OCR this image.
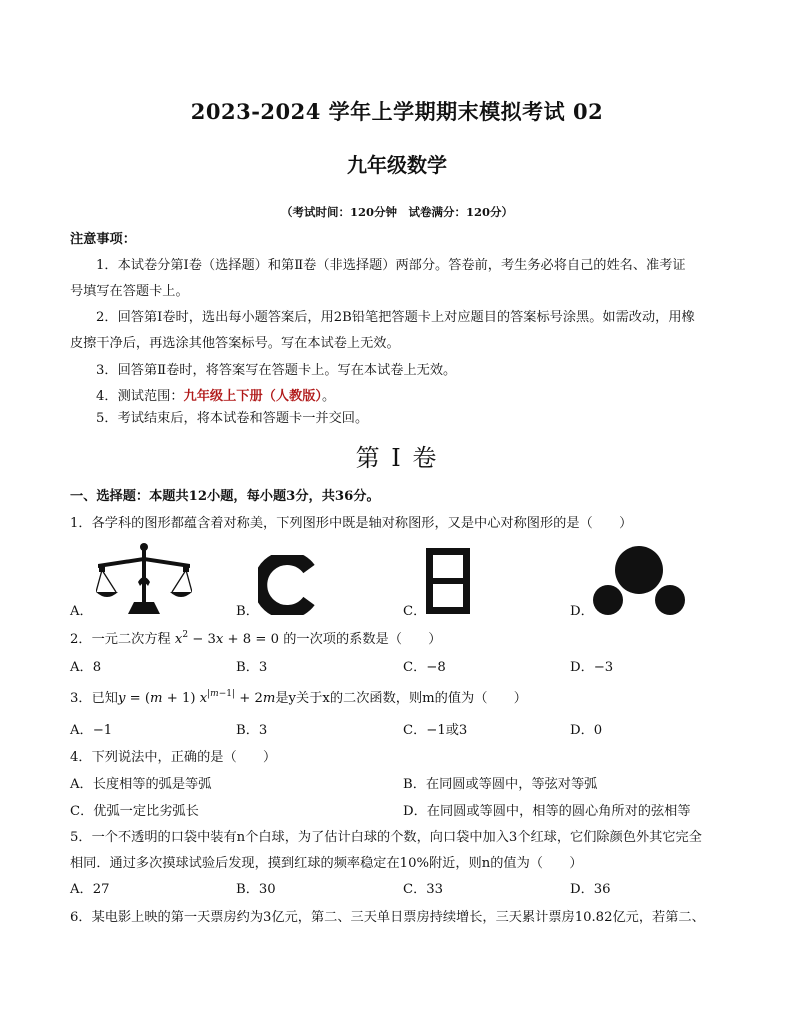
2023-2024 学年上学期期末模拟考试 02
九年级数学
（考试时间：120分钟　试卷满分：120分）
注意事项：
1．本试卷分第Ⅰ卷（选择题）和第Ⅱ卷（非选择题）两部分。答卷前，考生务必将自己的姓名、准考证
号填写在答题卡上。
2．回答第Ⅰ卷时，选出每小题答案后，用2B铅笔把答题卡上对应题目的答案标号涂黑。如需改动，用橡
皮擦干净后，再选涂其他答案标号。写在本试卷上无效。
3．回答第Ⅱ卷时，将答案写在答题卡上。写在本试卷上无效。
4．测试范围：九年级上下册（人教版）。
5．考试结束后，将本试卷和答题卡一并交回。
第 I 卷
一、选择题：本题共12小题，每小题3分，共36分。
1．各学科的图形都蕴含着对称美，下列图形中既是轴对称图形，又是中心对称图形的是（　　）
A．	B．	C．	D．
2．一元二次方程 $x^2 - 3x + 8 = 0$ 的一次项的系数是（　　）
A．8	B．3	C．−8	D．−3
3．已知y = (m + 1) $x^{|m-1|} + 2m$是y关于x的二次函数，则m的值为（　　）
A．−1	B．3	C．−1或3	D．0
4．下列说法中，正确的是（　　）
A．长度相等的弧是等弧	B．在同圆或等圆中，等弦对等弧
C．优弧一定比劣弧长	D．在同圆或等圆中，相等的圆心角所对的弦相等
5．一个不透明的口袋中装有n个白球，为了估计白球的个数，向口袋中加入3个红球，它们除颜色外其它完全
相同．通过多次摸球试验后发现，摸到红球的频率稳定在10%附近，则n的值为（　　）
A．27	B．30	C．33	D．36
6．某电影上映的第一天票房约为3亿元，第二、三天单日票房持续增长，三天累计票房10.82亿元，若第二、
